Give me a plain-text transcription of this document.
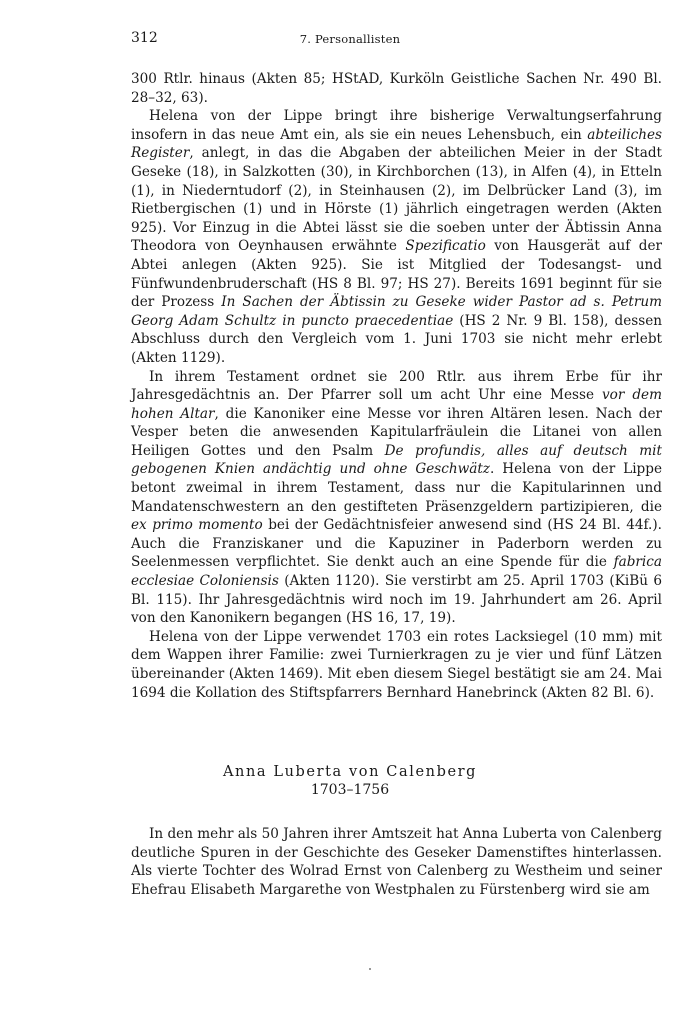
312	7. Personallisten

300 Rtlr. hinaus (Akten 85; HStAD, Kurköln Geistliche Sachen Nr. 490 Bl. 28–32, 63).

Helena von der Lippe bringt ihre bisherige Verwaltungserfahrung insofern in das neue Amt ein, als sie ein neues Lehensbuch, ein abteiliches Register, anlegt, in das die Abgaben der abteilichen Meier in der Stadt Geseke (18), in Salzkotten (30), in Kirchborchen (13), in Alfen (4), in Etteln (1), in Niederntudorf (2), in Steinhausen (2), im Delbrücker Land (3), im Rietbergischen (1) und in Hörste (1) jährlich eingetragen werden (Akten 925). Vor Einzug in die Abtei lässt sie die soeben unter der Äbtissin Anna Theodora von Oeynhausen erwähnte Spezificatio von Hausgerät auf der Abtei anlegen (Akten 925). Sie ist Mitglied der Todesangst- und Fünfwundenbruderschaft (HS 8 Bl. 97; HS 27). Bereits 1691 beginnt für sie der Prozess In Sachen der Äbtissin zu Geseke wider Pastor ad s. Petrum Georg Adam Schultz in puncto praecedentiae (HS 2 Nr. 9 Bl. 158), dessen Abschluss durch den Vergleich vom 1. Juni 1703 sie nicht mehr erlebt (Akten 1129).

In ihrem Testament ordnet sie 200 Rtlr. aus ihrem Erbe für ihr Jahresgedächtnis an. Der Pfarrer soll um acht Uhr eine Messe vor dem hohen Altar, die Kanoniker eine Messe vor ihren Altären lesen. Nach der Vesper beten die anwesenden Kapitularfräulein die Litanei von allen Heiligen Gottes und den Psalm De profundis, alles auf deutsch mit gebogenen Knien andächtig und ohne Geschwätz. Helena von der Lippe betont zweimal in ihrem Testament, dass nur die Kapitularinnen und Mandatenschwestern an den gestifteten Präsenzgeldern partizipieren, die ex primo momento bei der Gedächtnisfeier anwesend sind (HS 24 Bl. 44f.). Auch die Franziskaner und die Kapuziner in Paderborn werden zu Seelenmessen verpflichtet. Sie denkt auch an eine Spende für die fabrica ecclesiae Coloniensis (Akten 1120). Sie verstirbt am 25. April 1703 (KiBü 6 Bl. 115). Ihr Jahresgedächtnis wird noch im 19. Jahrhundert am 26. April von den Kanonikern begangen (HS 16, 17, 19).

Helena von der Lippe verwendet 1703 ein rotes Lacksiegel (10 mm) mit dem Wappen ihrer Familie: zwei Turnierkragen zu je vier und fünf Lätzen übereinander (Akten 1469). Mit eben diesem Siegel bestätigt sie am 24. Mai 1694 die Kollation des Stiftspfarrers Bernhard Hanebrinck (Akten 82 Bl. 6).

Anna Luberta von Calenberg
1703–1756

In den mehr als 50 Jahren ihrer Amtszeit hat Anna Luberta von Calenberg deutliche Spuren in der Geschichte des Geseker Damenstiftes hinterlassen. Als vierte Tochter des Wolrad Ernst von Calenberg zu Westheim und seiner Ehefrau Elisabeth Margarethe von Westphalen zu Fürstenberg wird sie am
